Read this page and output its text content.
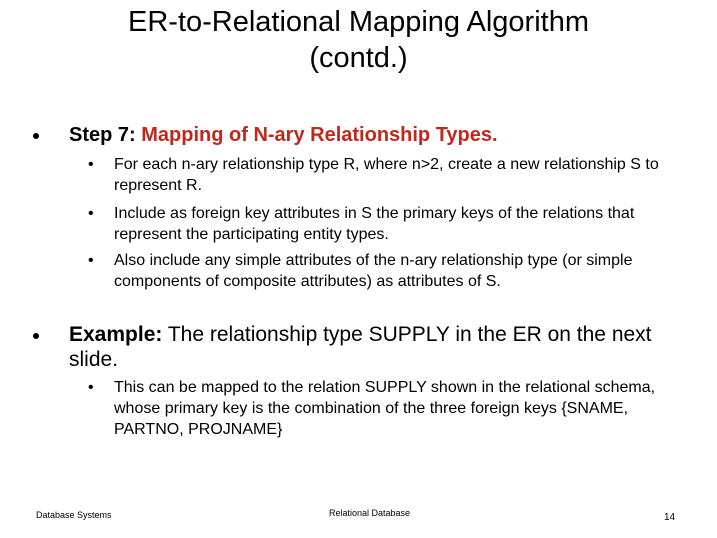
ER-to-Relational Mapping Algorithm
(contd.)
Step 7: Mapping of N-ary Relationship Types.
• For each n-ary relationship type R, where n>2, create a new relationship S to represent R.
• Include as foreign key attributes in S the primary keys of the relations that represent the participating entity types.
• Also include any simple attributes of the n-ary relationship type (or simple components of composite attributes) as attributes of S.
Example: The relationship type SUPPLY in the ER on the next slide.
• This can be mapped to the relation SUPPLY shown in the relational schema, whose primary key is the combination of the three foreign keys {SNAME, PARTNO, PROJNAME}
Database Systems	Relational Database	14
